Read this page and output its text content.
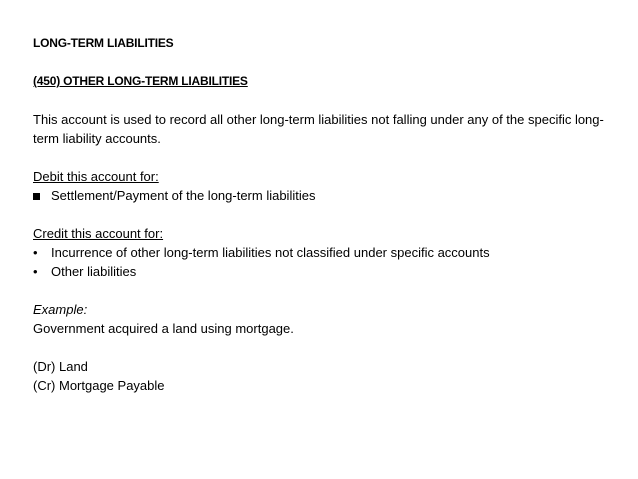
LONG-TERM LIABILITIES
(450) OTHER LONG-TERM LIABILITIES
This account is used to record all other long-term liabilities not falling under any of the specific long-term liability accounts.
Debit this account for:
Settlement/Payment of the long-term liabilities
Credit this account for:
•	Incurrence of other long-term liabilities not classified under specific accounts
•	Other liabilities
Example:
Government acquired a land using mortgage.
(Dr) Land
(Cr) Mortgage Payable
